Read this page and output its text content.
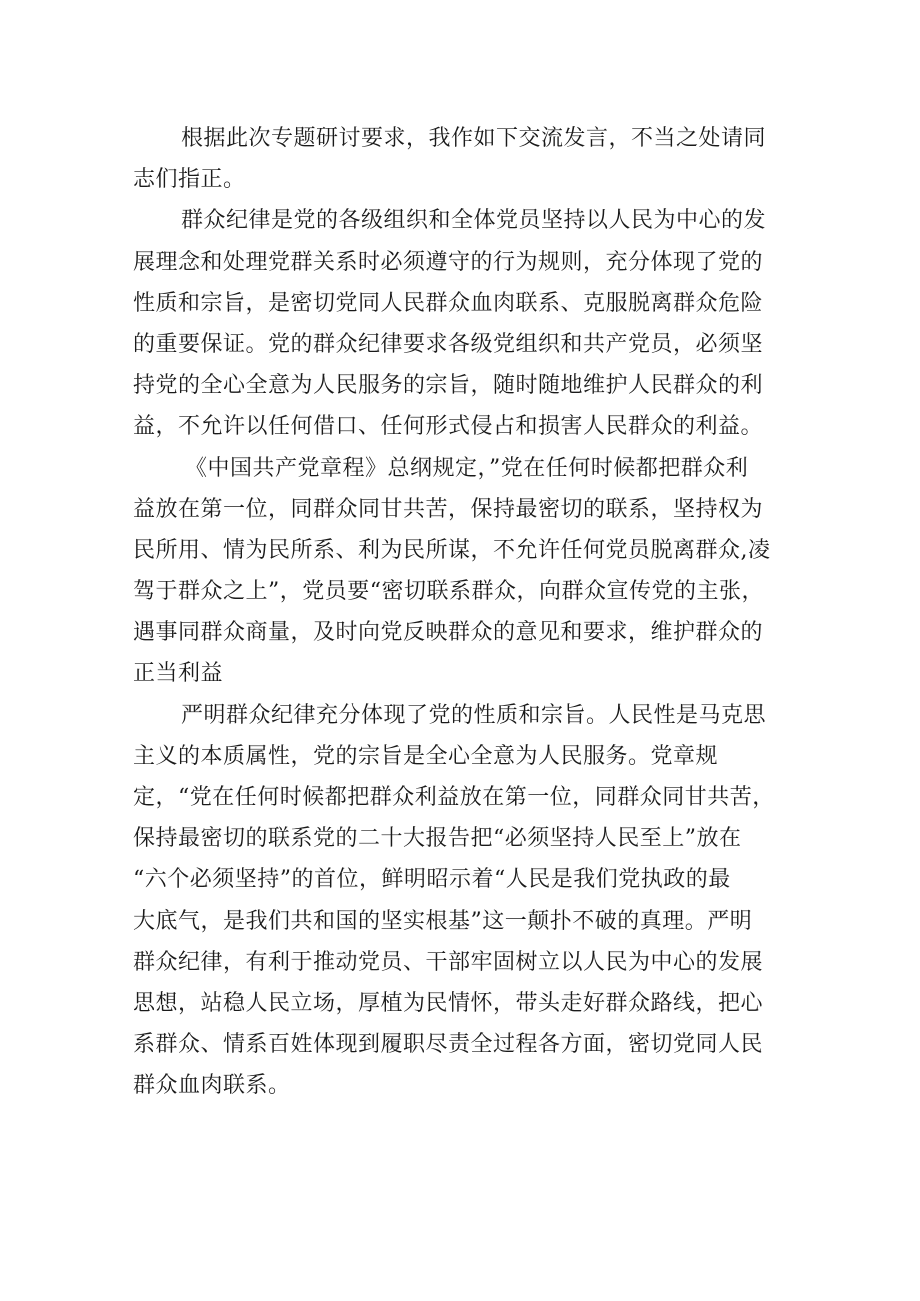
根据此次专题研讨要求，我作如下交流发言，不当之处请同
志们指正。
群众纪律是党的各级组织和全体党员坚持以人民为中心的发
展理念和处理党群关系时必须遵守的行为规则，充分体现了党的
性质和宗旨，是密切党同人民群众血肉联系、克服脱离群众危险
的重要保证。党的群众纪律要求各级党组织和共产党员，必须坚
持党的全心全意为人民服务的宗旨，随时随地维护人民群众的利
益，不允许以任何借口、任何形式侵占和损害人民群众的利益。
《中国共产党章程》总纲规定，”党在任何时候都把群众利
益放在第一位，同群众同甘共苦，保持最密切的联系，坚持权为
民所用、情为民所系、利为民所谋，不允许任何党员脱离群众,凌
驾于群众之上”，党员要“密切联系群众，向群众宣传党的主张，
遇事同群众商量，及时向党反映群众的意见和要求，维护群众的
正当利益
严明群众纪律充分体现了党的性质和宗旨。人民性是马克思
主义的本质属性，党的宗旨是全心全意为人民服务。党章规
定，“党在任何时候都把群众利益放在第一位，同群众同甘共苦，
保持最密切的联系党的二十大报告把“必须坚持人民至上”放在
“六个必须坚持”的首位，鲜明昭示着“人民是我们党执政的最
大底气，是我们共和国的坚实根基”这一颠扑不破的真理。严明
群众纪律，有利于推动党员、干部牢固树立以人民为中心的发展
思想，站稳人民立场，厚植为民情怀，带头走好群众路线，把心
系群众、情系百姓体现到履职尽责全过程各方面，密切党同人民
群众血肉联系。
